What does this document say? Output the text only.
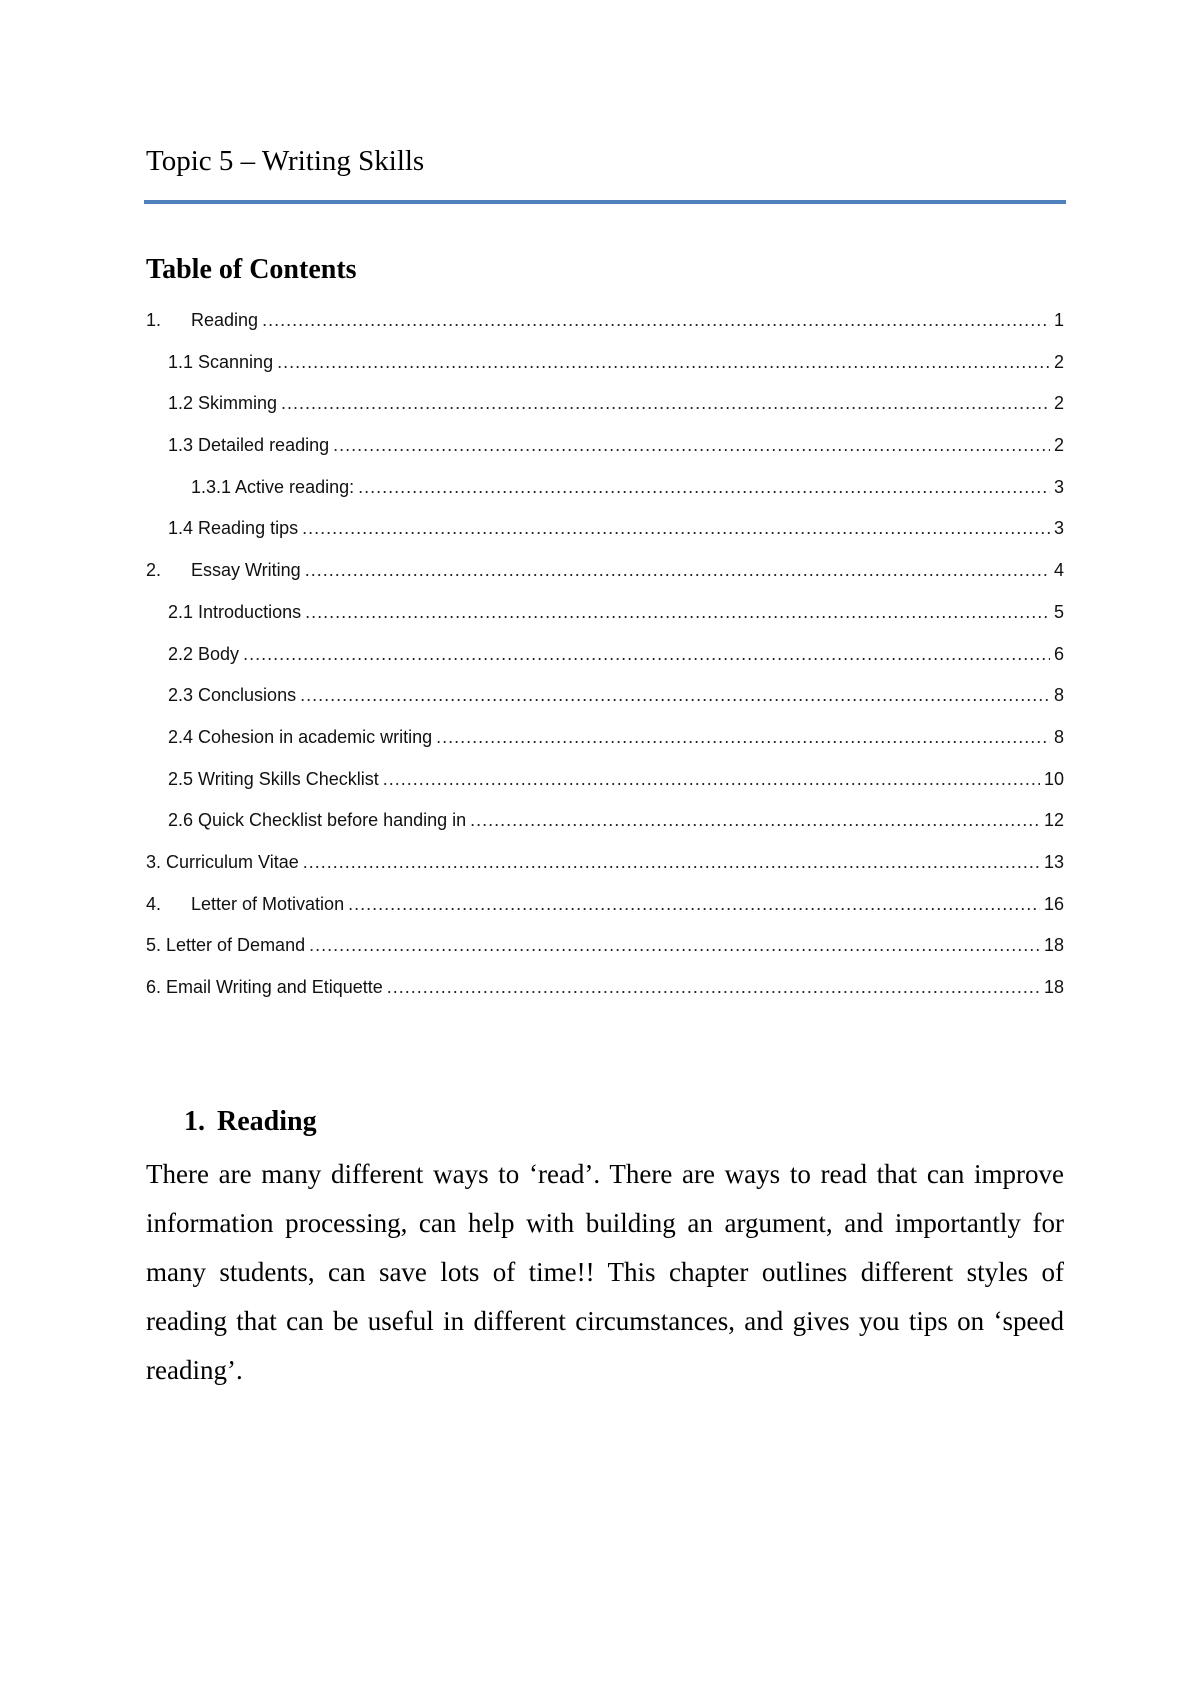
Topic 5 – Writing Skills
Table of Contents
1.	Reading .....	1
1.1 Scanning .....	2
1.2 Skimming .....	2
1.3 Detailed reading .....	2
1.3.1 Active reading: .....	3
1.4 Reading tips .....	3
2.	Essay Writing .....	4
2.1 Introductions .....	5
2.2 Body .....	6
2.3 Conclusions .....	8
2.4 Cohesion in academic writing .....	8
2.5 Writing Skills Checklist .....	10
2.6 Quick Checklist before handing in .....	12
3. Curriculum Vitae .....	13
4.	Letter of Motivation .....	16
5. Letter of Demand .....	18
6. Email Writing and Etiquette .....	18
1. Reading

There are many different ways to ‘read’. There are ways to read that can improve information processing, can help with building an argument, and importantly for many students, can save lots of time!! This chapter outlines different styles of reading that can be useful in different circumstances, and gives you tips on ‘speed reading’.
